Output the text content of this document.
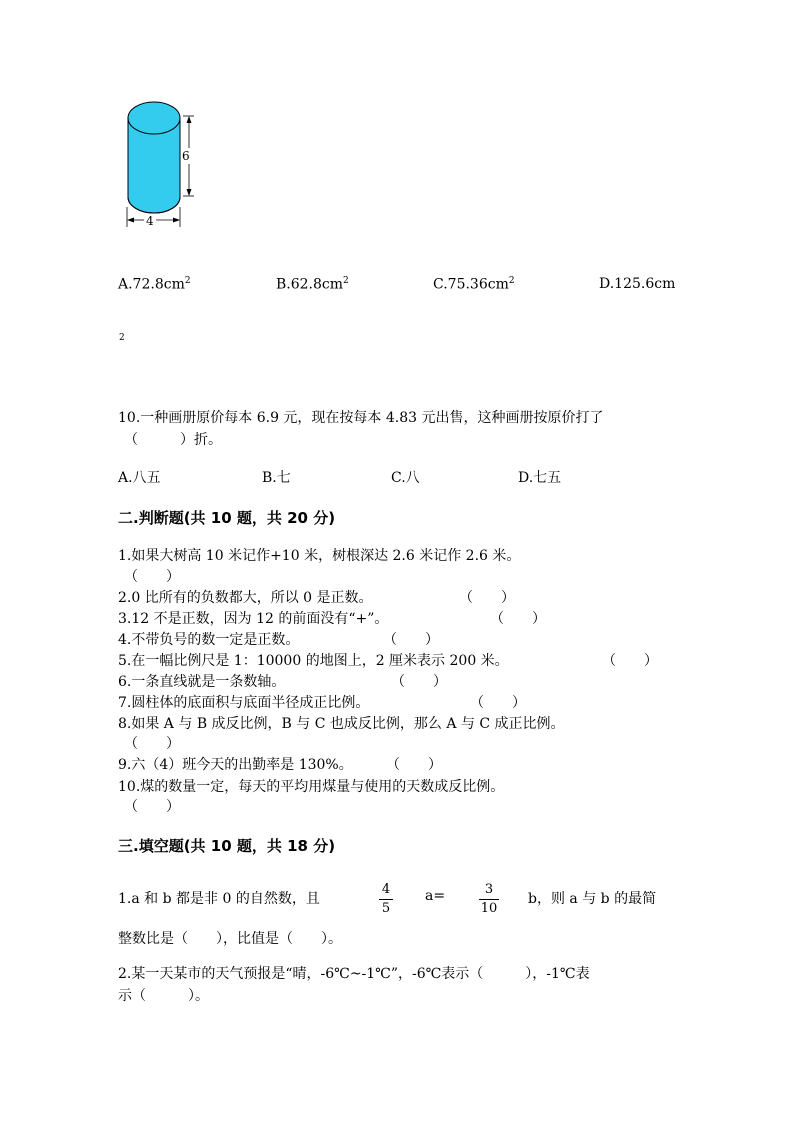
6
4
$A.72.8cm^2$	$B.62.8cm^2$	$C.75.36cm^2$	D.125.6cm
2
10.一种画册原价每本 6.9 元，现在按每本 4.83 元出售，这种画册按原价打了
（　　　）折。
A.八五	B.七	C.八	D.七五
二.判断题(共 10 题，共 20 分)
1.如果大树高 10 米记作+10 米，树根深达 2.6 米记作 2.6 米。
（　　）
2.0 比所有的负数都大，所以 0 是正数。	（　　）
3.12 不是正数，因为 12 的前面没有“+”。	（　　）
4.不带负号的数一定是正数。	（　　）
5.在一幅比例尺是 1：10000 的地图上，2 厘米表示 200 米。	（　　）
6.一条直线就是一条数轴。	（　　）
7.圆柱体的底面积与底面半径成正比例。	（　　）
8.如果 A 与 B 成反比例，B 与 C 也成反比例，那么 A 与 C 成正比例。
（　　）
9.六（4）班今天的出勤率是 130%。 （　　）
10.煤的数量一定，每天的平均用煤量与使用的天数成反比例。
（　　）
三.填空题(共 10 题，共 18 分)
1.a 和 b 都是非 0 的自然数，且
4
5
a=	3
10
b，则 a 与 b 的最简
整数比是（　　），比值是（　　）。
2.某一天某市的天气预报是“晴，-6℃~-1℃”，-6℃表示（　　　），-1℃表
示（　　　）。
